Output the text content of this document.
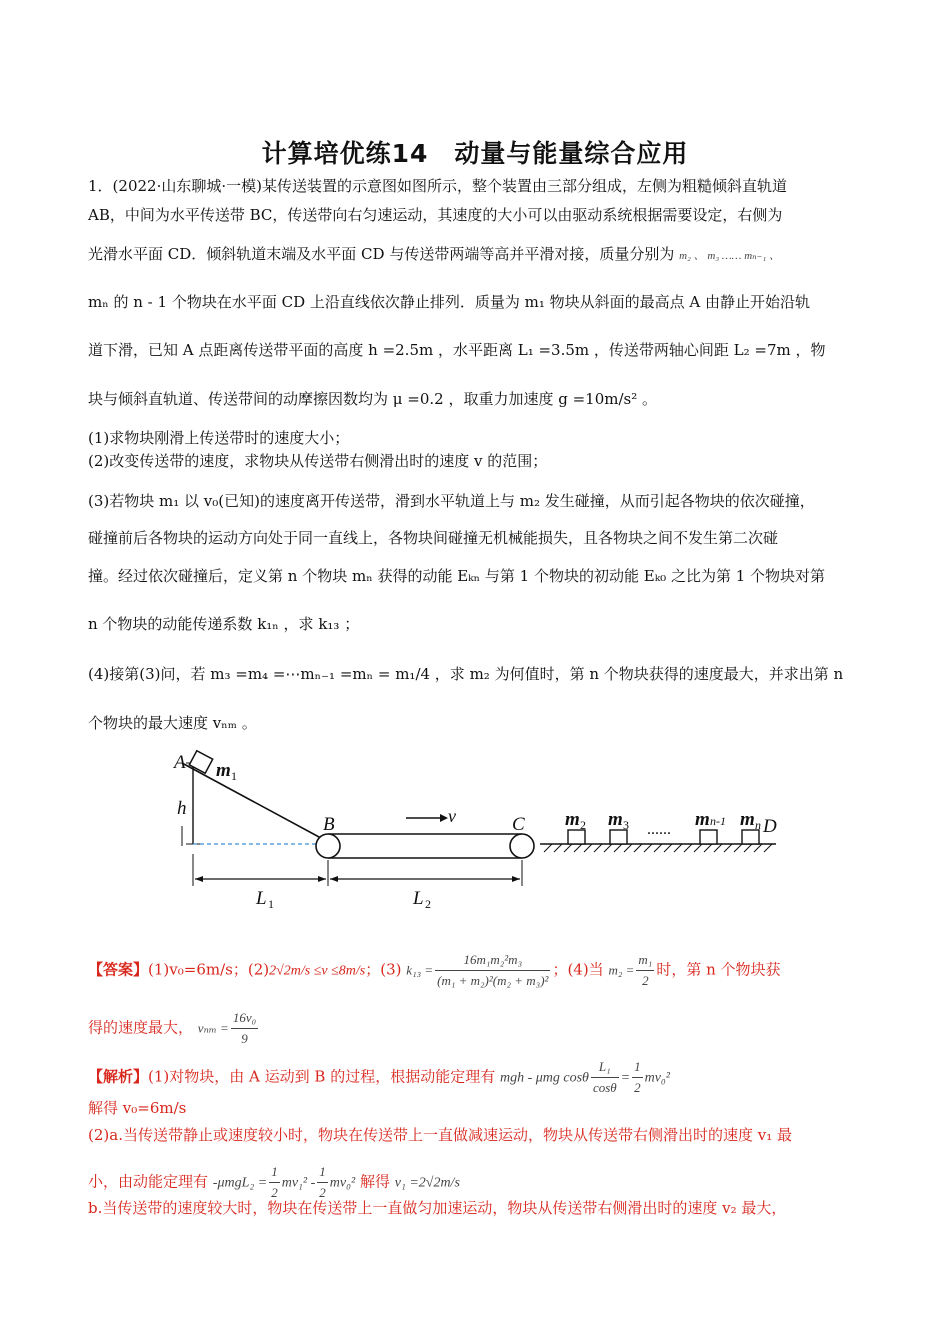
计算培优练14　动量与能量综合应用
1．(2022·山东聊城·一模)某传送装置的示意图如图所示，整个装置由三部分组成，左侧为粗糙倾斜直轨道
AB，中间为水平传送带 BC，传送带向右匀速运动，其速度的大小可以由驱动系统根据需要设定，右侧为
光滑水平面 CD．倾斜轨道末端及水平面 CD 与传送带两端等高并平滑对接，质量分别为 m₂ 、 m₃ …… mₙ₋₁ 、
mₙ 的 n - 1 个物块在水平面 CD 上沿直线依次静止排列．质量为 m₁ 物块从斜面的最高点 A 由静止开始沿轨
道下滑，已知 A 点距离传送带平面的高度 h =2.5m ，水平距离 L₁ =3.5m ，传送带两轴心间距 L₂ =7m ，物
块与倾斜直轨道、传送带间的动摩擦因数均为 μ =0.2 ，取重力加速度 g =10m/s² 。
(1)求物块刚滑上传送带时的速度大小；
(2)改变传送带的速度，求物块从传送带右侧滑出时的速度 v 的范围；
(3)若物块 m₁ 以 v₀(已知)的速度离开传送带，滑到水平轨道上与 m₂ 发生碰撞，从而引起各物块的依次碰撞，
碰撞前后各物块的运动方向处于同一直线上，各物块间碰撞无机械能损失，且各物块之间不发生第二次碰
撞。经过依次碰撞后，定义第 n 个物块 mₙ 获得的动能 Eₖₙ 与第 1 个物块的初动能 Eₖ₀ 之比为第 1 个物块对第
n 个物块的动能传递系数 k₁ₙ ，求 k₁₃ ；
(4)接第(3)问，若 m₃ =m₄ =⋯mₙ₋₁ =mₙ = m₁/4 ，求 m₂ 为何值时，第 n 个物块获得的速度最大，并求出第 n
个物块的最大速度 vₙₘ 。
A
h
B	C	D
v
L 1	L 2
m 1
m 2 m 3 ...... m n-1 m n
【答案】(1)v₀=6m/s；(2)2√2m/s ≤v ≤8m/s；(3) $k_{13} = \frac{\text{16m₁m₂²m₃}}{\text{(m₁ + m₂)²(m₂ + m₃)²}}$ ；(4)当 $m_2 = \frac{\text{m₁}}{2}$ 时，第 n 个物块获
得的速度最大， $v_{nm} = \frac{\text{16v₀}}{9}$
【解析】(1)对物块，由 A 运动到 B 的过程，根据动能定理有 mgh - μmg cosθ $\frac{\text{L₁}}{\cos\theta} = \frac{1}{2} mv_0^2$
解得 v₀=6m/s
(2)a.当传送带静止或速度较小时，物块在传送带上一直做减速运动，物块从传送带右侧滑出时的速度 v₁ 最
小，由动能定理有 $-\mu mgL_2 = \frac{1}{2} mv_1^2 - \frac{1}{2} mv_0^2$ 解得 v₁ =2√2m/s
b.当传送带的速度较大时，物块在传送带上一直做匀加速运动，物块从传送带右侧滑出时的速度 v₂ 最大，
